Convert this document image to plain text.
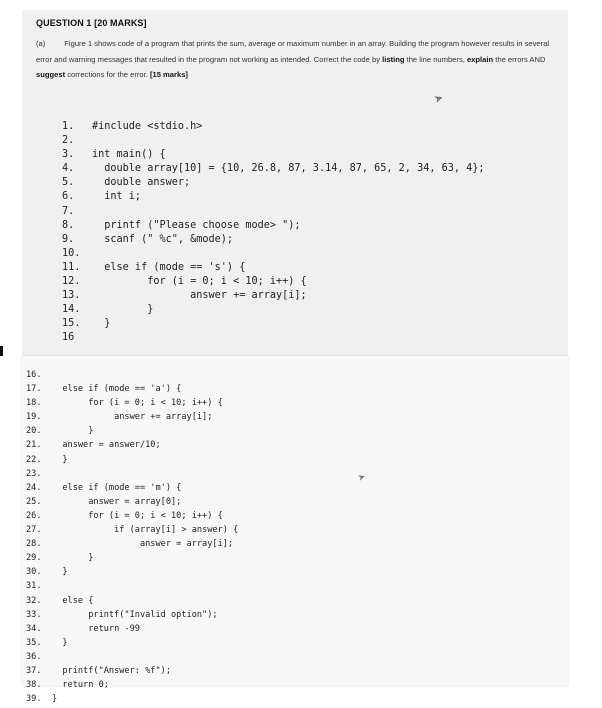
QUESTION 1 [20 MARKS]
(a)	Figure 1 shows code of a program that prints the sum, average or maximum number in an array. Building the program however results in several error and warning messages that resulted in the program not working as intended. Correct the code by listing the line numbers, explain the errors AND suggest corrections for the error. [15 marks]
➤
1. #include <stdio.h>
2.
3. int main() {
4.  double array[10] = {10, 26.8, 87, 3.14, 87, 65, 2, 34, 63, 4};
5.  double answer;
6.  int i;
7.
8.  printf ("Please choose mode> ");
9.  scanf (" %c", &mode);
10.
11.  else if (mode == 's') {
12.         for (i = 0; i < 10; i++) {
13.                answer += array[i];
14.         }
15.  }
16
16.
17.  else if (mode == 'a') {
18.       for (i = 0; i < 10; i++) {
19.            answer += array[i];
20.       }
21.  answer = answer/10;
22.  }
23.
24.  else if (mode == 'm') {
25.       answer = array[0];
26.       for (i = 0; i < 10; i++) {
27.            if (array[i] > answer) {
28.                 answer = array[i];
29.       }
30.  }
31.
32.  else {
33.       printf("Invalid option");
34.       return -99
35.  }
36.
37.  printf("Answer: %f");
38.  return 0;
39. }
➤
